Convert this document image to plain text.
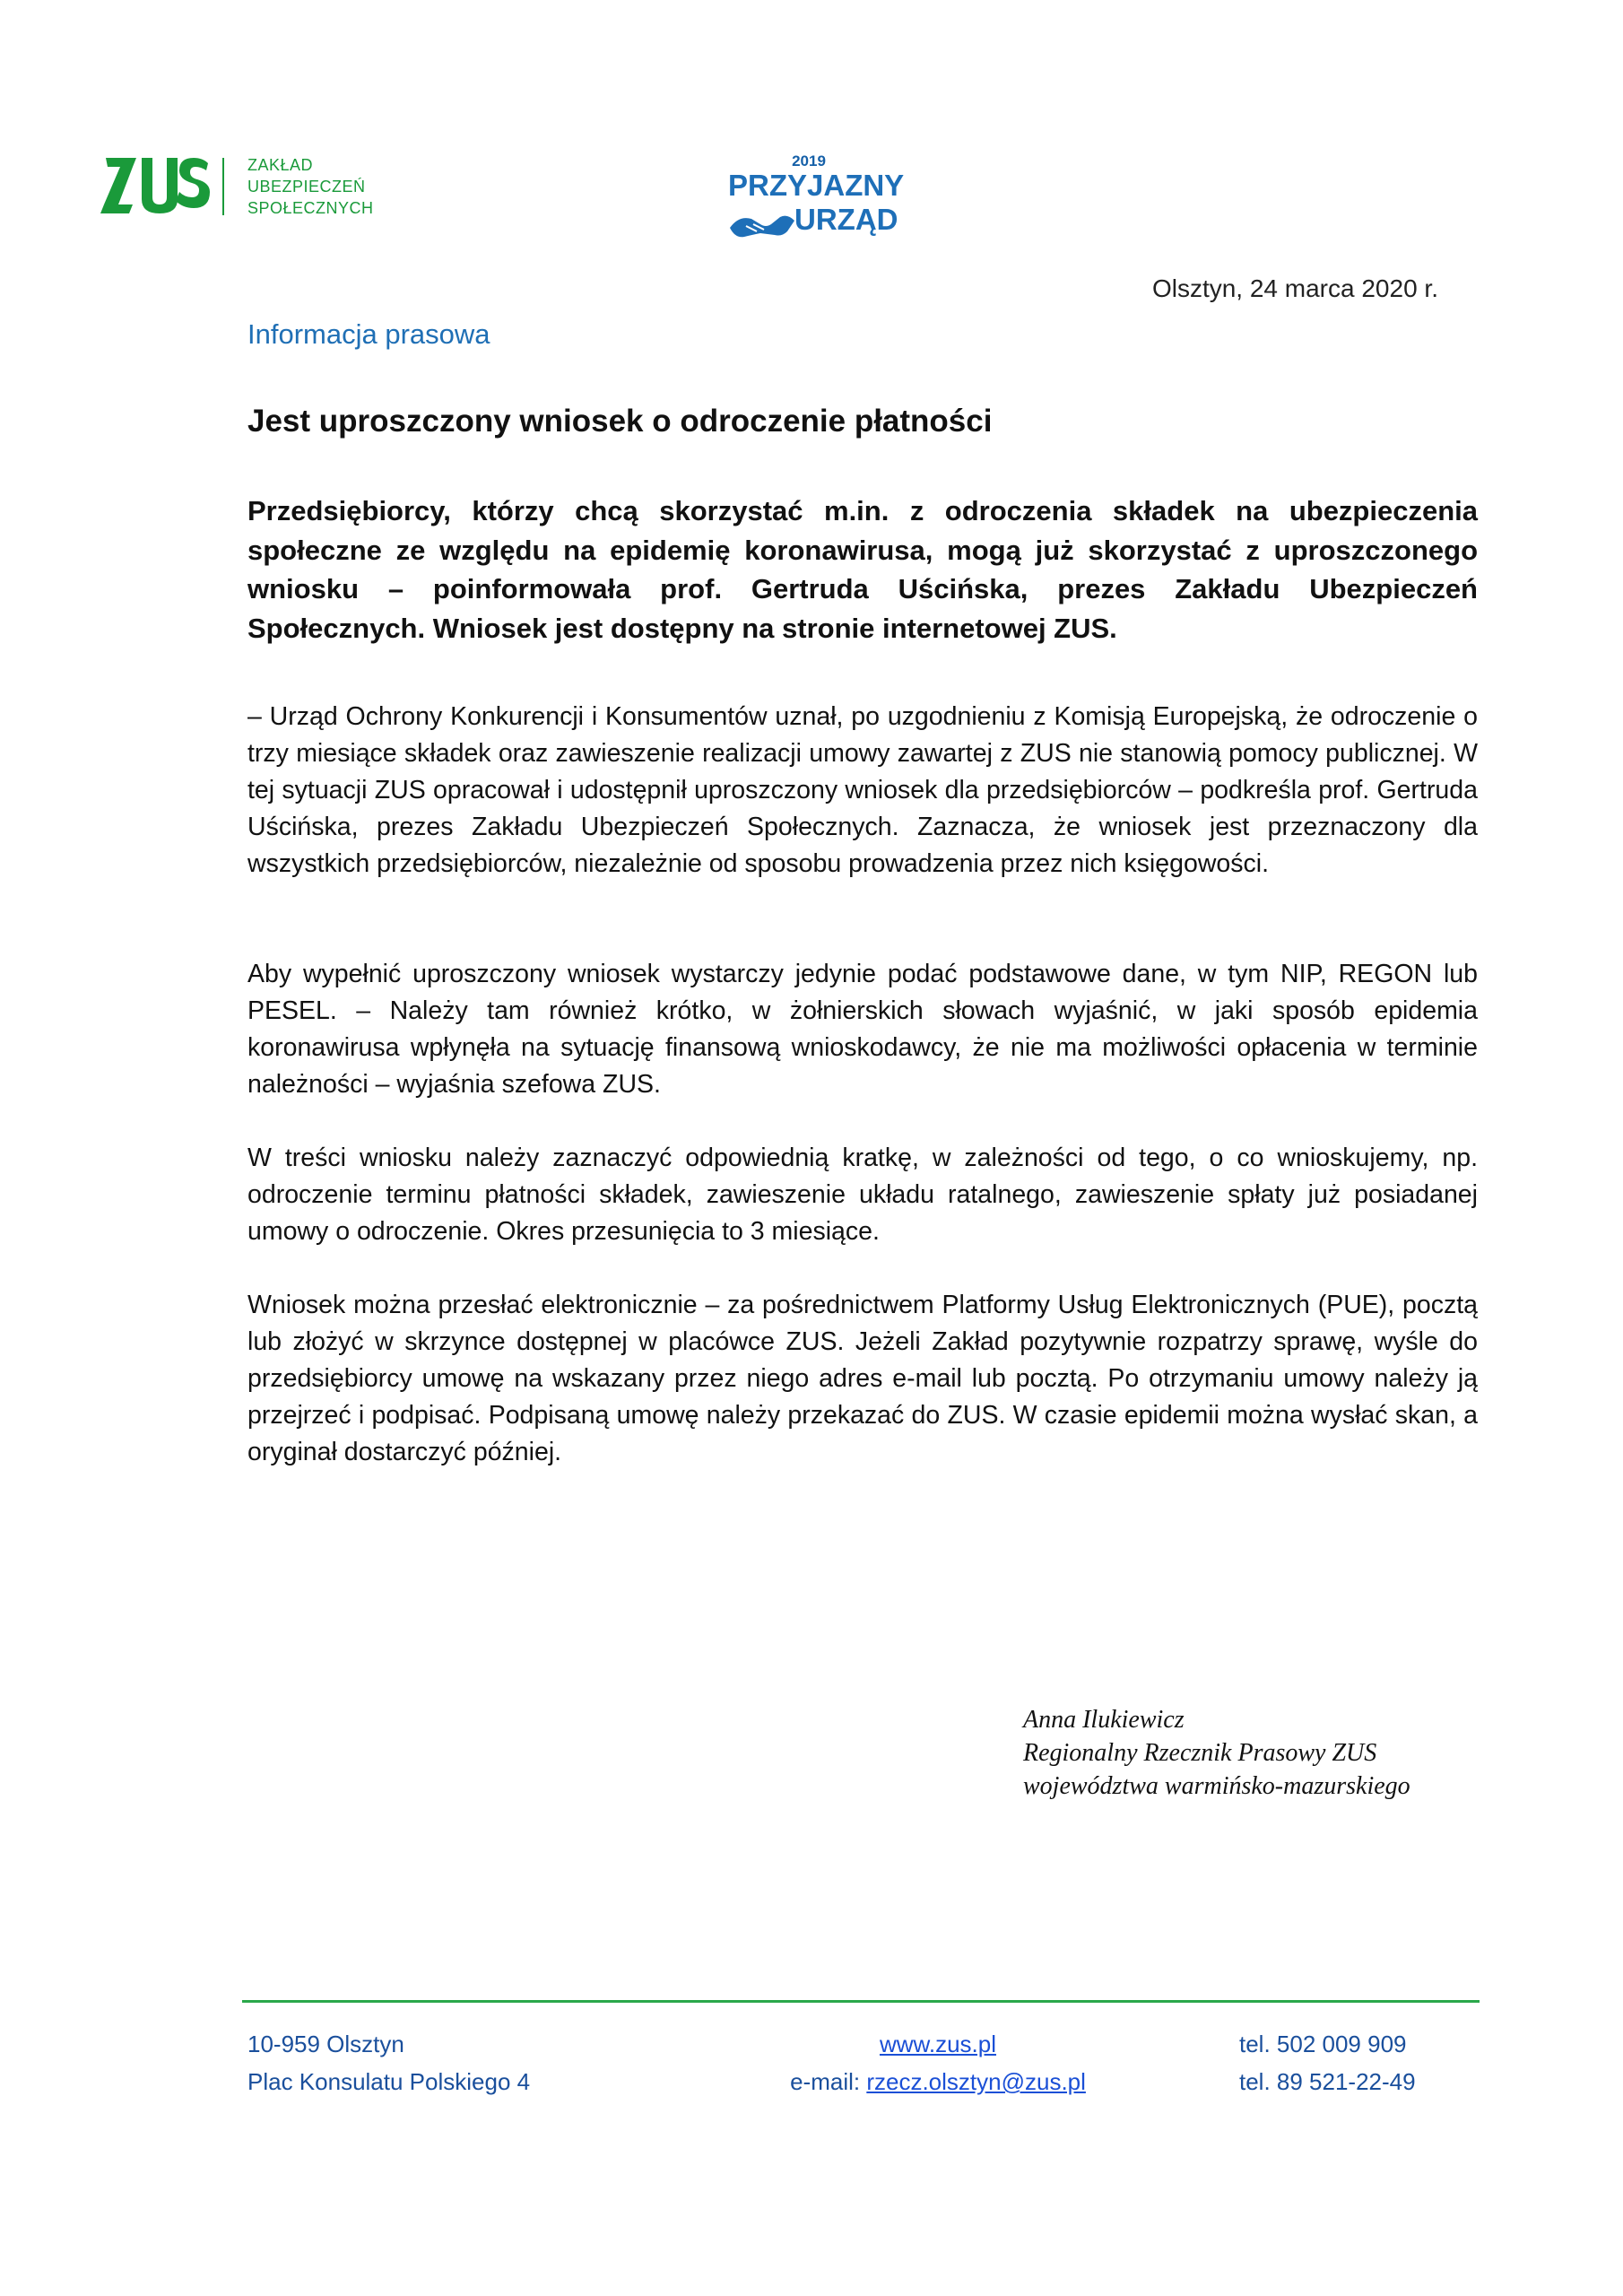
ZAKŁAD
UBEZPIECZEŃ
SPOŁECZNYCH
2019
PRZYJAZNY
URZĄD
Olsztyn, 24 marca 2020 r.
Informacja prasowa
Jest uproszczony wniosek o odroczenie płatności
Przedsiębiorcy, którzy chcą skorzystać m.in. z odroczenia składek na ubezpieczenia społeczne ze względu na epidemię koronawirusa, mogą już skorzystać z uproszczonego wniosku – poinformowała prof. Gertruda Uścińska, prezes Zakładu Ubezpieczeń Społecznych. Wniosek jest dostępny na stronie internetowej ZUS.
– Urząd Ochrony Konkurencji i Konsumentów uznał, po uzgodnieniu z Komisją Europejską, że odroczenie o trzy miesiące składek oraz zawieszenie realizacji umowy zawartej z ZUS nie stanowią pomocy publicznej. W tej sytuacji ZUS opracował i udostępnił uproszczony wniosek dla przedsiębiorców – podkreśla prof. Gertruda Uścińska, prezes Zakładu Ubezpieczeń Społecznych. Zaznacza, że wniosek jest przeznaczony dla wszystkich przedsiębiorców, niezależnie od sposobu prowadzenia przez nich księgowości.
Aby wypełnić uproszczony wniosek wystarczy jedynie podać podstawowe dane, w tym NIP, REGON lub PESEL. – Należy tam również krótko, w żołnierskich słowach wyjaśnić, w jaki sposób epidemia koronawirusa wpłynęła na sytuację finansową wnioskodawcy, że nie ma możliwości opłacenia w terminie należności – wyjaśnia szefowa ZUS.
W treści wniosku należy zaznaczyć odpowiednią kratkę, w zależności od tego, o co wnioskujemy, np. odroczenie terminu płatności składek, zawieszenie układu ratalnego, zawieszenie spłaty już posiadanej umowy o odroczenie. Okres przesunięcia to 3 miesiące.
Wniosek można przesłać elektronicznie – za pośrednictwem Platformy Usług Elektronicznych (PUE), pocztą lub złożyć w skrzynce dostępnej w placówce ZUS. Jeżeli Zakład pozytywnie rozpatrzy sprawę, wyśle do przedsiębiorcy umowę na wskazany przez niego adres e-mail lub pocztą. Po otrzymaniu umowy należy ją przejrzeć i podpisać. Podpisaną umowę należy przekazać do ZUS. W czasie epidemii można wysłać skan, a oryginał dostarczyć później.
Anna Ilukiewicz
Regionalny Rzecznik Prasowy ZUS
województwa warmińsko-mazurskiego
10-959 Olsztyn
Plac Konsulatu Polskiego 4
www.zus.pl
e-mail: rzecz.olsztyn@zus.pl
tel. 502 009 909
tel. 89 521-22-49
